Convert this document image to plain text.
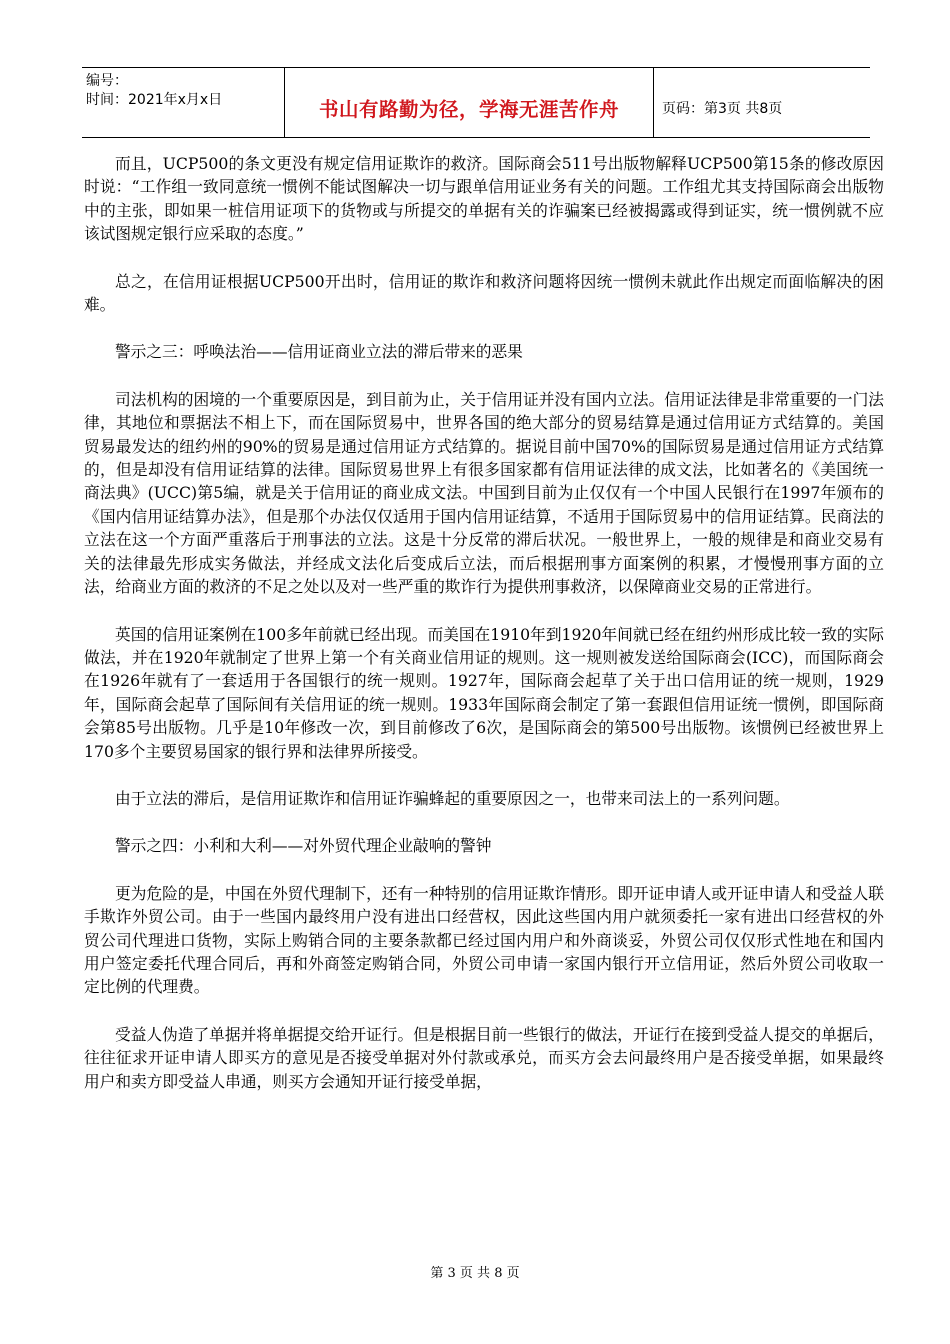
编号：
时间：2021年x月x日	书山有路勤为径，学海无涯苦作舟	页码：第3页 共8页

而且，UCP500的条文更没有规定信用证欺诈的救济。国际商会511号出版物解释UCP500第15条的修改原因时说：“工作组一致同意统一惯例不能试图解决一切与跟单信用证业务有关的问题。工作组尤其支持国际商会出版物中的主张，即如果一桩信用证项下的货物或与所提交的单据有关的诈骗案已经被揭露或得到证实，统一惯例就不应该试图规定银行应采取的态度。”

总之，在信用证根据UCP500开出时，信用证的欺诈和救济问题将因统一惯例未就此作出规定而面临解决的困难。

警示之三：呼唤法治——信用证商业立法的滞后带来的恶果

司法机构的困境的一个重要原因是，到目前为止，关于信用证并没有国内立法。信用证法律是非常重要的一门法律，其地位和票据法不相上下，而在国际贸易中，世界各国的绝大部分的贸易结算是通过信用证方式结算的。美国贸易最发达的纽约州的90%的贸易是通过信用证方式结算的。据说目前中国70%的国际贸易是通过信用证方式结算的，但是却没有信用证结算的法律。国际贸易世界上有很多国家都有信用证法律的成文法，比如著名的《美国统一商法典》(UCC)第5编，就是关于信用证的商业成文法。中国到目前为止仅仅有一个中国人民银行在1997年颁布的《国内信用证结算办法》，但是那个办法仅仅适用于国内信用证结算，不适用于国际贸易中的信用证结算。民商法的立法在这一个方面严重落后于刑事法的立法。这是十分反常的滞后状况。一般世界上，一般的规律是和商业交易有关的法律最先形成实务做法，并经成文法化后变成后立法，而后根据刑事方面案例的积累，才慢慢刑事方面的立法，给商业方面的救济的不足之处以及对一些严重的欺诈行为提供刑事救济，以保障商业交易的正常进行。

英国的信用证案例在100多年前就已经出现。而美国在1910年到1920年间就已经在纽约州形成比较一致的实际做法，并在1920年就制定了世界上第一个有关商业信用证的规则。这一规则被发送给国际商会(ICC)，而国际商会在1926年就有了一套适用于各国银行的统一规则。1927年，国际商会起草了关于出口信用证的统一规则，1929年，国际商会起草了国际间有关信用证的统一规则。1933年国际商会制定了第一套跟但信用证统一惯例，即国际商会第85号出版物。几乎是10年修改一次，到目前修改了6次，是国际商会的第500号出版物。该惯例已经被世界上170多个主要贸易国家的银行界和法律界所接受。

由于立法的滞后，是信用证欺诈和信用证诈骗蜂起的重要原因之一，也带来司法上的一系列问题。

警示之四：小利和大利——对外贸代理企业敲响的警钟

更为危险的是，中国在外贸代理制下，还有一种特别的信用证欺诈情形。即开证申请人或开证申请人和受益人联手欺诈外贸公司。由于一些国内最终用户没有进出口经营权，因此这些国内用户就须委托一家有进出口经营权的外贸公司代理进口货物，实际上购销合同的主要条款都已经过国内用户和外商谈妥，外贸公司仅仅形式性地在和国内用户签定委托代理合同后，再和外商签定购销合同，外贸公司申请一家国内银行开立信用证，然后外贸公司收取一定比例的代理费。

受益人伪造了单据并将单据提交给开证行。但是根据目前一些银行的做法，开证行在接到受益人提交的单据后，往往征求开证申请人即买方的意见是否接受单据对外付款或承兑，而买方会去问最终用户是否接受单据，如果最终用户和卖方即受益人串通，则买方会通知开证行接受单据，

第 3 页 共 8 页
